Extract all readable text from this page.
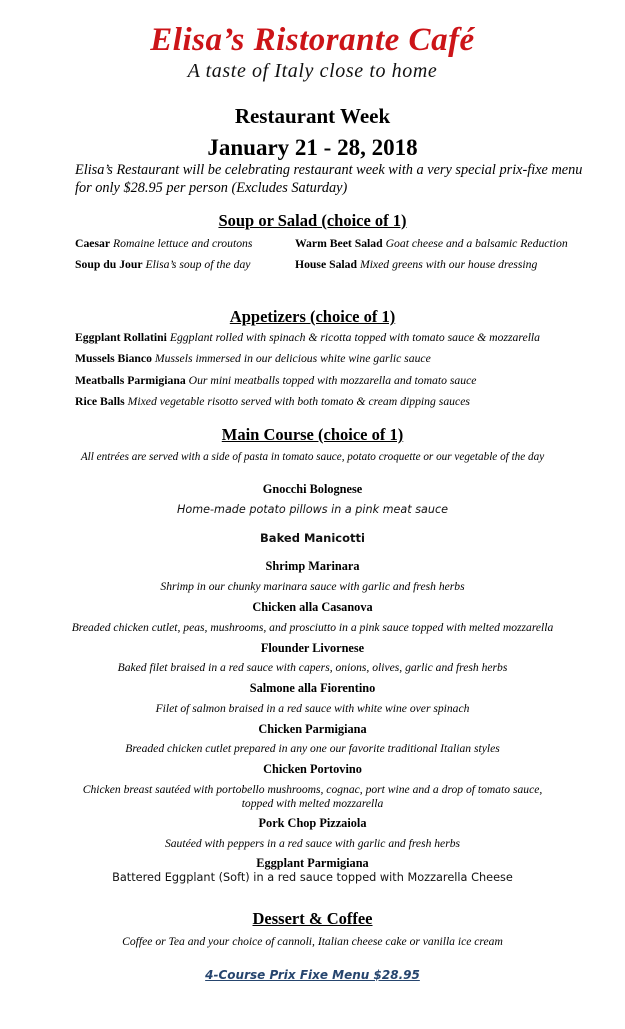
Elisa’s Ristorante Café
A taste of Italy close to home
Restaurant Week
January 21 - 28, 2018
Elisa’s Restaurant will be celebrating restaurant week with a very special prix-fixe menu
for only $28.95 per person (Excludes Saturday)
Soup or Salad (choice of 1)
Caesar Romaine lettuce and croutons	Warm Beet Salad Goat cheese and a balsamic Reduction
Soup du Jour Elisa’s soup of the day	House Salad Mixed greens with our house dressing
Appetizers (choice of 1)
Eggplant Rollatini Eggplant rolled with spinach & ricotta topped with tomato sauce & mozzarella
Mussels Bianco Mussels immersed in our delicious white wine garlic sauce
Meatballs Parmigiana Our mini meatballs topped with mozzarella and tomato sauce
Rice Balls Mixed vegetable risotto served with both tomato & cream dipping sauces
Main Course (choice of 1)
All entrées are served with a side of pasta in tomato sauce, potato croquette or our vegetable of the day
Gnocchi Bolognese
Home-made potato pillows in a pink meat sauce
Baked Manicotti
Shrimp Marinara
Shrimp in our chunky marinara sauce with garlic and fresh herbs
Chicken alla Casanova
Breaded chicken cutlet, peas, mushrooms, and prosciutto in a pink sauce topped with melted mozzarella
Flounder Livornese
Baked filet braised in a red sauce with capers, onions, olives, garlic and fresh herbs
Salmone alla Fiorentino
Filet of salmon braised in a red sauce with white wine over spinach
Chicken Parmigiana
Breaded chicken cutlet prepared in any one our favorite traditional Italian styles
Chicken Portovino
Chicken breast sautéed with portobello mushrooms, cognac, port wine and a drop of tomato sauce,
topped with melted mozzarella
Pork Chop Pizzaiola
Sautéed with peppers in a red sauce with garlic and fresh herbs
Eggplant Parmigiana
Battered Eggplant (Soft) in a red sauce topped with Mozzarella Cheese
Dessert & Coffee
Coffee or Tea and your choice of cannoli, Italian cheese cake or vanilla ice cream
4-Course Prix Fixe Menu $28.95
